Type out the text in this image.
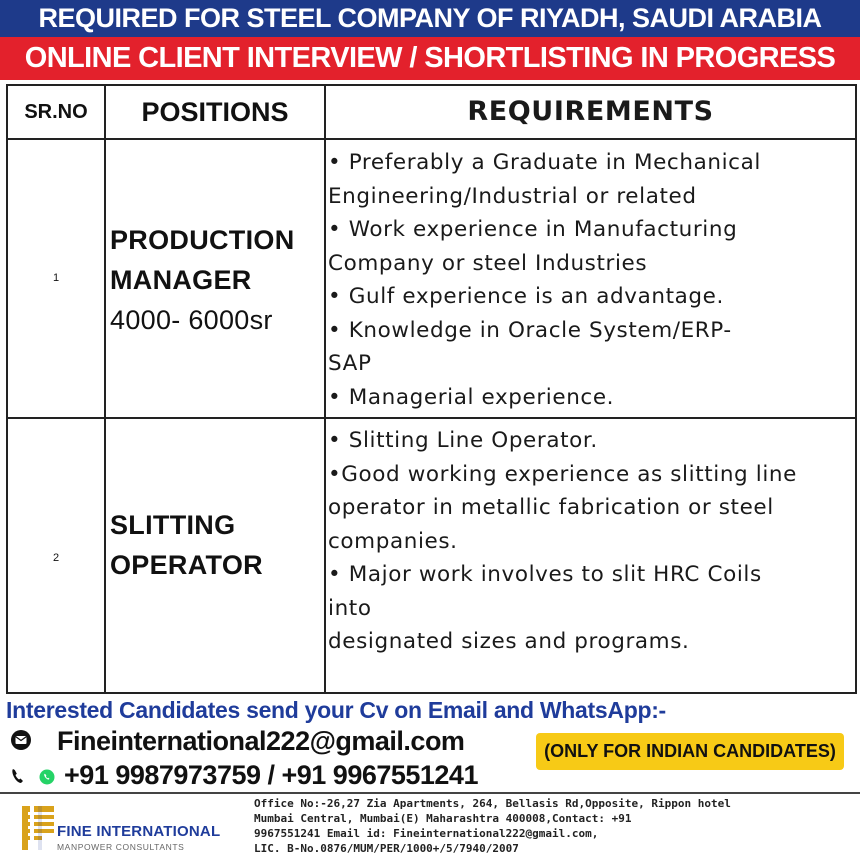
REQUIRED FOR STEEL COMPANY OF RIYADH, SAUDI ARABIA
ONLINE CLIENT INTERVIEW / SHORTLISTING IN PROGRESS
SR.NO	POSITIONS	REQUIREMENTS
1
PRODUCTION
MANAGER
4000- 6000sr
• Preferably a Graduate in Mechanical
Engineering/Industrial or related
• Work experience in Manufacturing
Company or steel Industries
• Gulf experience is an advantage.
• Knowledge in Oracle System/ERP-
SAP
• Managerial experience.
2
SLITTING
OPERATOR
• Slitting Line Operator.
•Good working experience as slitting line
operator in metallic fabrication or steel
companies.
• Major work involves to slit HRC Coils
into
designated sizes and programs.
Interested Candidates send your Cv on Email and WhatsApp:-
Fineinternational222@gmail.com
+91 9987973759 / +91 9967551241
(ONLY FOR INDIAN CANDIDATES)
FINE INTERNATIONAL
MANPOWER CONSULTANTS
Office No:-26,27 Zia Apartments, 264, Bellasis Rd,Opposite, Rippon hotel
Mumbai Central, Mumbai(E) Maharashtra 400008,Contact: +91
9967551241 Email id: Fineinternational222@gmail.com,
LIC. B-No.0876/MUM/PER/1000+/5/7940/2007
